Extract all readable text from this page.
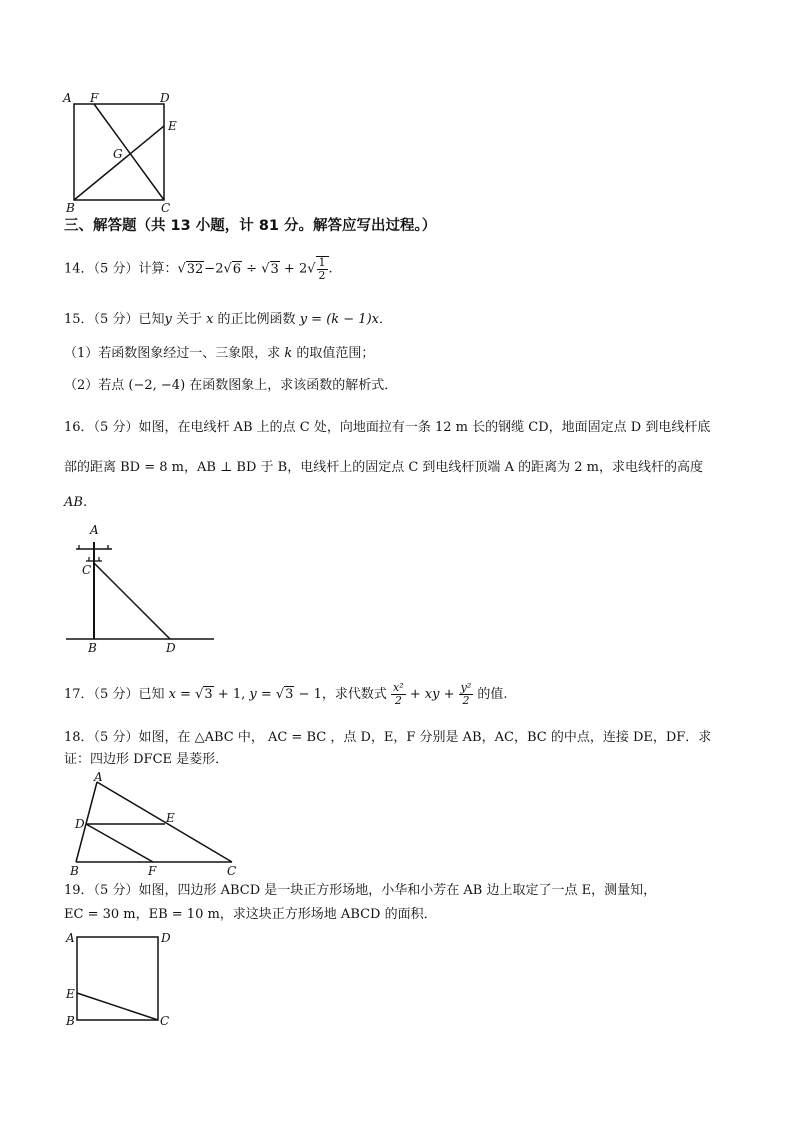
A F	D
E
G
B	C
三、解答题（共 13 小题，计 81 分。解答应写出过程。）
14．（5 分）计算：$√32-2√6 \div √3 + 2√ \frac{1}{2}$ .
15．（5 分）已知y 关于 x 的正比例函数 y = (k − 1)x．
（1）若函数图象经过一、三象限，求 k 的取值范围；
（2）若点 (−2, −4) 在函数图象上，求该函数的解析式．
16．（5 分）如图，在电线杆 AB 上的点 C 处，向地面拉有一条 12 m 长的钢缆 CD，地面固定点 D 到电线杆底
部的距离 BD = 8 m，AB ⊥ BD 于 B，电线杆上的固定点 C 到电线杆顶端 A 的距离为 2 m，求电线杆的高度
AB.
A
C
B	D
17．（5 分）已知 x = √3 + 1, y = √3 − 1，求代数式 $\frac{\text{x²}}{2}$ + xy + $\frac{\text{y²}}{2}$ 的值.
18．（5 分）如图，在 △ABC 中， AC = BC ，点 D，E，F 分别是 AB，AC，BC 的中点，连接 DE，DF．求
证：四边形 DFCE 是菱形．
A
E
D
B	F	C
19．（5 分）如图，四边形 ABCD 是一块正方形场地，小华和小芳在 AB 边上取定了一点 E，测量知，
EC = 30 m，EB = 10 m，求这块正方形场地 ABCD 的面积．
A	D
E
B	C
